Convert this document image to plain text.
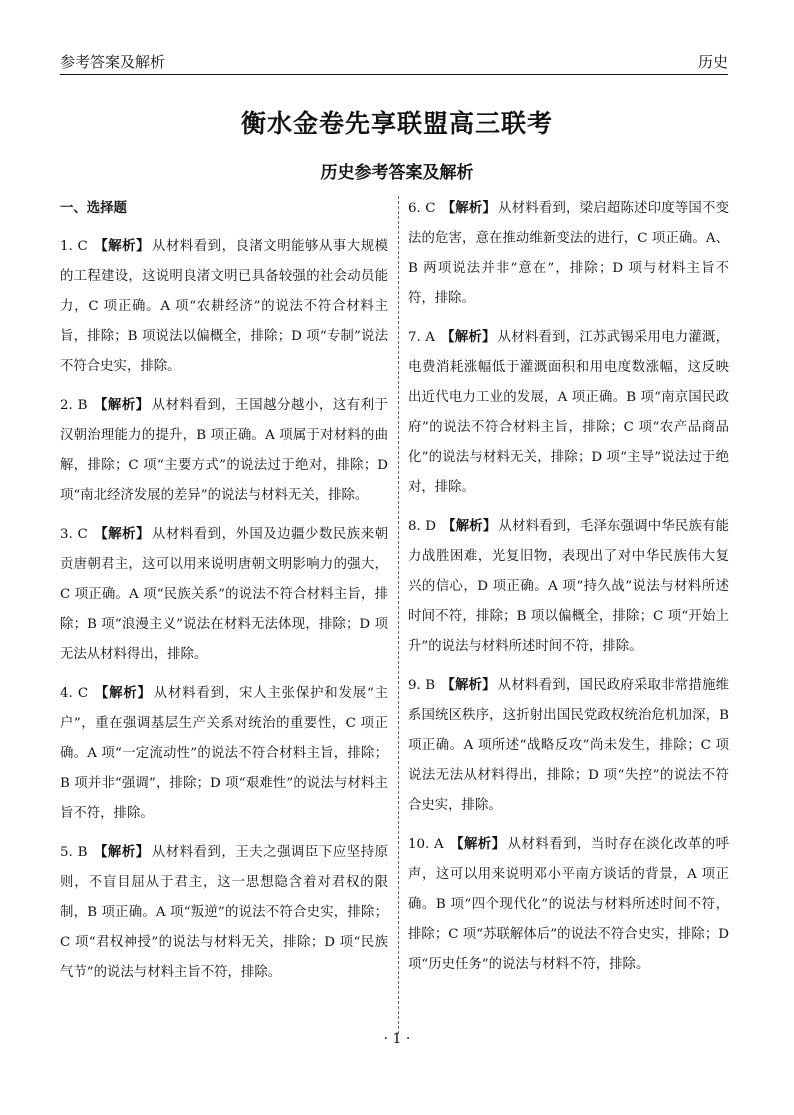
参考答案及解析	历史
衡水金卷先享联盟高三联考
历史参考答案及解析
一、选择题
1. C 【解析】 从材料看到，良渚文明能够从事大规模的工程建设，这说明良渚文明已具备较强的社会动员能力，C 项正确。A 项“农耕经济”的说法不符合材料主旨，排除；B 项说法以偏概全，排除；D 项“专制”说法不符合史实，排除。
2. B 【解析】 从材料看到，王国越分越小，这有利于汉朝治理能力的提升，B 项正确。A 项属于对材料的曲解，排除；C 项“主要方式”的说法过于绝对，排除；D 项“南北经济发展的差异”的说法与材料无关，排除。
3. C 【解析】 从材料看到，外国及边疆少数民族来朝贡唐朝君主，这可以用来说明唐朝文明影响力的强大，C 项正确。A 项“民族关系”的说法不符合材料主旨，排除；B 项“浪漫主义”说法在材料无法体现，排除；D 项无法从材料得出，排除。
4. C 【解析】 从材料看到，宋人主张保护和发展“主户”，重在强调基层生产关系对统治的重要性，C 项正确。A 项“一定流动性”的说法不符合材料主旨，排除；B 项并非“强调”，排除；D 项“艰难性”的说法与材料主旨不符，排除。
5. B 【解析】 从材料看到，王夫之强调臣下应坚持原则，不盲目屈从于君主，这一思想隐含着对君权的限制，B 项正确。A 项“叛逆”的说法不符合史实，排除；C 项“君权神授”的说法与材料无关，排除；D 项“民族气节”的说法与材料主旨不符，排除。
6. C 【解析】 从材料看到，梁启超陈述印度等国不变法的危害，意在推动维新变法的进行，C 项正确。A、B 两项说法并非“意在”，排除；D 项与材料主旨不符，排除。
7. A 【解析】 从材料看到，江苏武锡采用电力灌溉，电费消耗涨幅低于灌溉面积和用电度数涨幅，这反映出近代电力工业的发展，A 项正确。B 项“南京国民政府”的说法不符合材料主旨，排除；C 项“农产品商品化”的说法与材料无关，排除；D 项“主导”说法过于绝对，排除。
8. D 【解析】 从材料看到，毛泽东强调中华民族有能力战胜困难，光复旧物，表现出了对中华民族伟大复兴的信心，D 项正确。A 项“持久战”说法与材料所述时间不符，排除；B 项以偏概全，排除；C 项“开始上升”的说法与材料所述时间不符，排除。
9. B 【解析】 从材料看到，国民政府采取非常措施维系国统区秩序，这折射出国民党政权统治危机加深，B 项正确。A 项所述“战略反攻”尚未发生，排除；C 项说法无法从材料得出，排除；D 项“失控”的说法不符合史实，排除。
10. A 【解析】 从材料看到，当时存在淡化改革的呼声，这可以用来说明邓小平南方谈话的背景，A 项正确。B 项“四个现代化”的说法与材料所述时间不符，排除；C 项“苏联解体后”的说法不符合史实，排除；D 项“历史任务”的说法与材料不符，排除。
· 1 ·
